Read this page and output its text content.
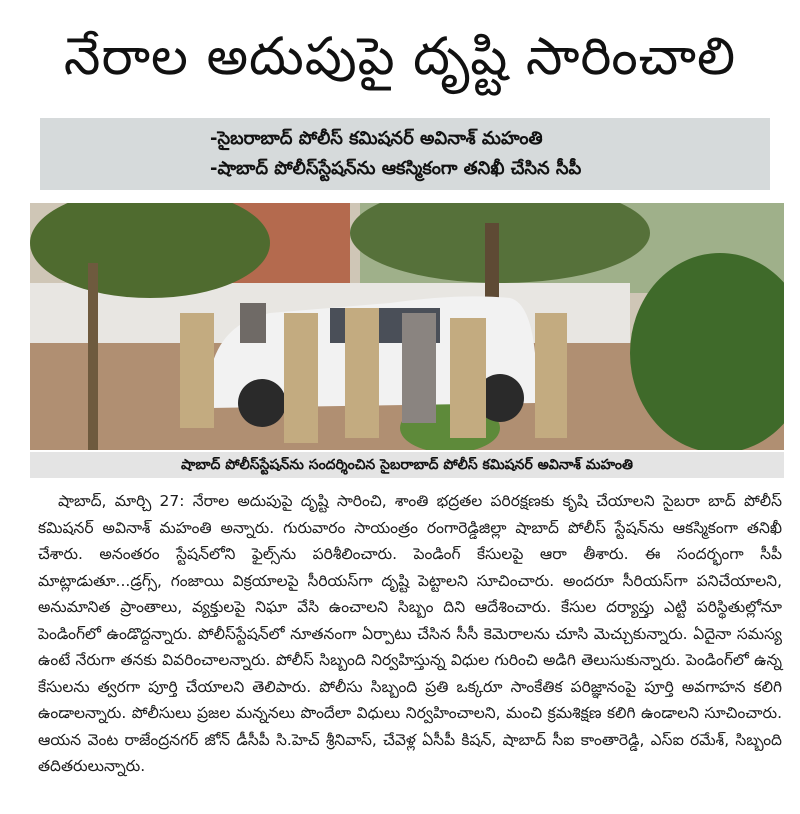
నేరాల అదుపుపై దృష్టి సారించాలి
-సైబరాబాద్ పోలీస్ కమిషనర్ అవినాశ్ మహంతి
-షాబాద్ పోలీస్‌స్టేషన్‌ను ఆకస్మికంగా తనిఖీ చేసిన సీపీ
షాబాద్ పోలీస్‌స్టేషన్‌ను సందర్శించిన సైబరాబాద్ పోలీస్ కమిషనర్ అవినాశ్ మహంతి
షాబాద్, మార్చి 27: నేరాల అదుపుపై దృష్టి సారించి, శాంతి భద్రతల పరిరక్షణకు కృషి చేయాలని సైబరా బాద్ పోలీస్ కమిషనర్ అవినాశ్ మహంతి అన్నారు. గురువారం సాయంత్రం రంగారెడ్డిజిల్లా షాబాద్ పోలీస్ స్టేషన్‌ను ఆకస్మికంగా తనిఖీ చేశారు. అనంతరం స్టేషన్‌లోని ఫైల్స్‌ను పరిశీలించారు. పెండింగ్ కేసులపై ఆరా తీశారు. ఈ సందర్భంగా సీపీ మాట్లాడుతూ...డ్రగ్స్, గంజాయి విక్రయాలపై సీరియస్‌గా దృష్టి పెట్టాలని సూచించారు. అందరూ సీరియస్‌గా పనిచేయాలని, అనుమానిత ప్రాంతాలు, వ్యక్తులపై నిఘా వేసి ఉంచాలని సిబ్బం దిని ఆదేశించారు. కేసుల దర్యాప్తు ఎట్టి పరిస్థితుల్లోనూ పెండింగ్‌లో ఉండొద్దన్నారు. పోలీస్‌స్టేషన్‌లో నూతనంగా ఏర్పాటు చేసిన సీసీ కెమెరాలను చూసి మెచ్చుకున్నారు. ఏదైనా సమస్య ఉంటే నేరుగా తనకు వివరించాలన్నారు. పోలీస్ సిబ్బంది నిర్వహిస్తున్న విధుల గురించి అడిగి తెలుసుకున్నారు. పెండింగ్‌లో ఉన్న కేసులను త్వరగా పూర్తి చేయాలని తెలిపారు. పోలీసు సిబ్బంది ప్రతి ఒక్కరూ సాంకేతిక పరిజ్ఞానంపై పూర్తి అవగాహన కలిగి ఉండాలన్నారు. పోలీసులు ప్రజల మన్ననలు పొందేలా విధులు నిర్వహించాలని, మంచి క్రమశిక్షణ కలిగి ఉండాలని సూచించారు. ఆయన వెంట రాజేంద్రనగర్ జోన్ డీసీపీ సి.హెచ్ శ్రీనివాస్, చేవెళ్ల ఏసీపీ కిషన్, షాబాద్ సీఐ కాంతారెడ్డి, ఎస్ఐ రమేశ్, సిబ్బంది తదితరులున్నారు.
